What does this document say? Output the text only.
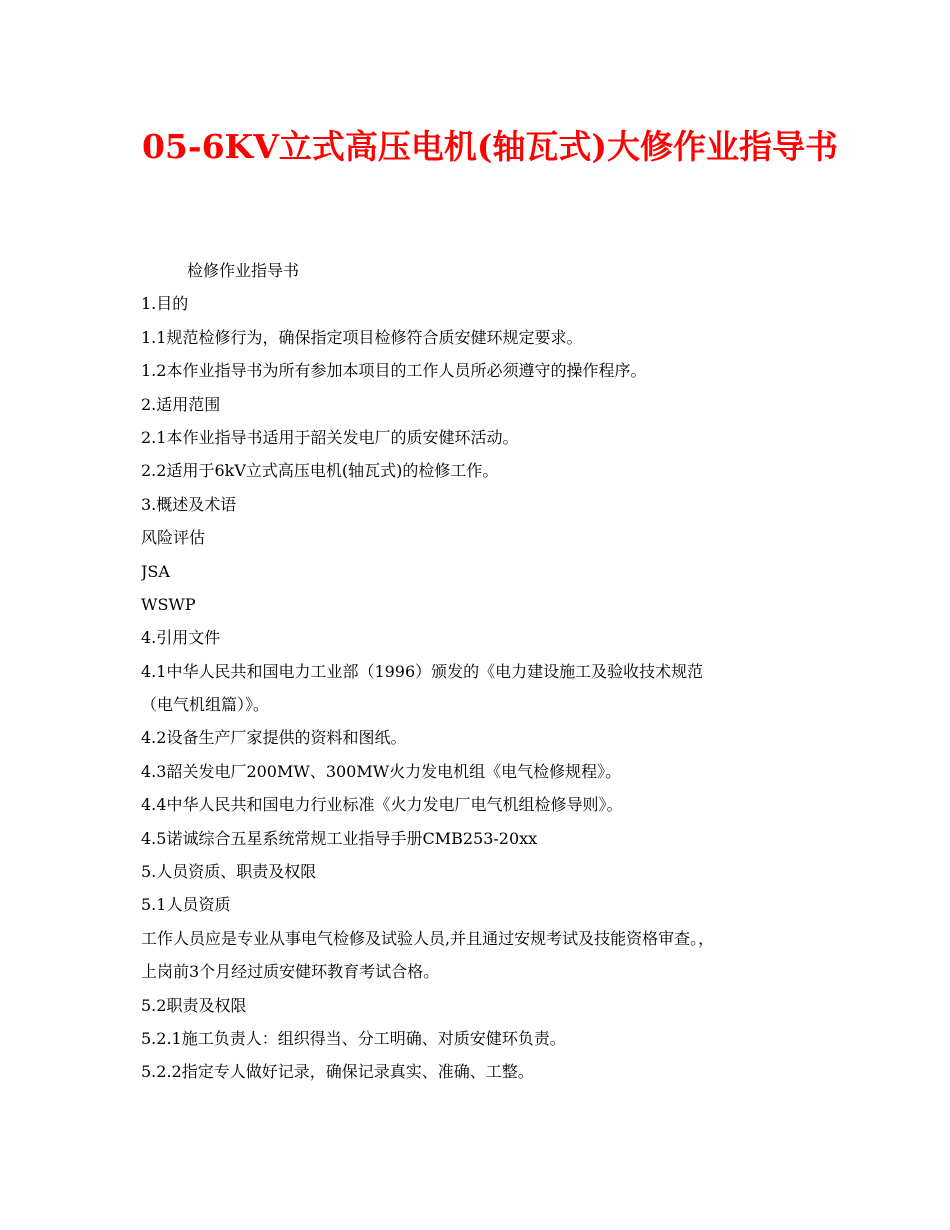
05-6KV立式高压电机(轴瓦式)大修作业指导书
检修作业指导书
1.目的
1.1规范检修行为，确保指定项目检修符合质安健环规定要求。
1.2本作业指导书为所有参加本项目的工作人员所必须遵守的操作程序。
2.适用范围
2.1本作业指导书适用于韶关发电厂的质安健环活动。
2.2适用于6kV立式高压电机(轴瓦式)的检修工作。
3.概述及术语
风险评估
JSA
WSWP
4.引用文件
4.1中华人民共和国电力工业部（1996）颁发的《电力建设施工及验收技术规范
（电气机组篇）》。
4.2设备生产厂家提供的资料和图纸。
4.3韶关发电厂200MW、300MW火力发电机组《电气检修规程》。
4.4中华人民共和国电力行业标准《火力发电厂电气机组检修导则》。
4.5诺诚综合五星系统常规工业指导手册CMB253-20xx
5.人员资质、职责及权限
5.1人员资质
工作人员应是专业从事电气检修及试验人员,并且通过安规考试及技能资格审查。，
上岗前3个月经过质安健环教育考试合格。
5.2职责及权限
5.2.1施工负责人：组织得当、分工明确、对质安健环负责。
5.2.2指定专人做好记录，确保记录真实、准确、工整。
